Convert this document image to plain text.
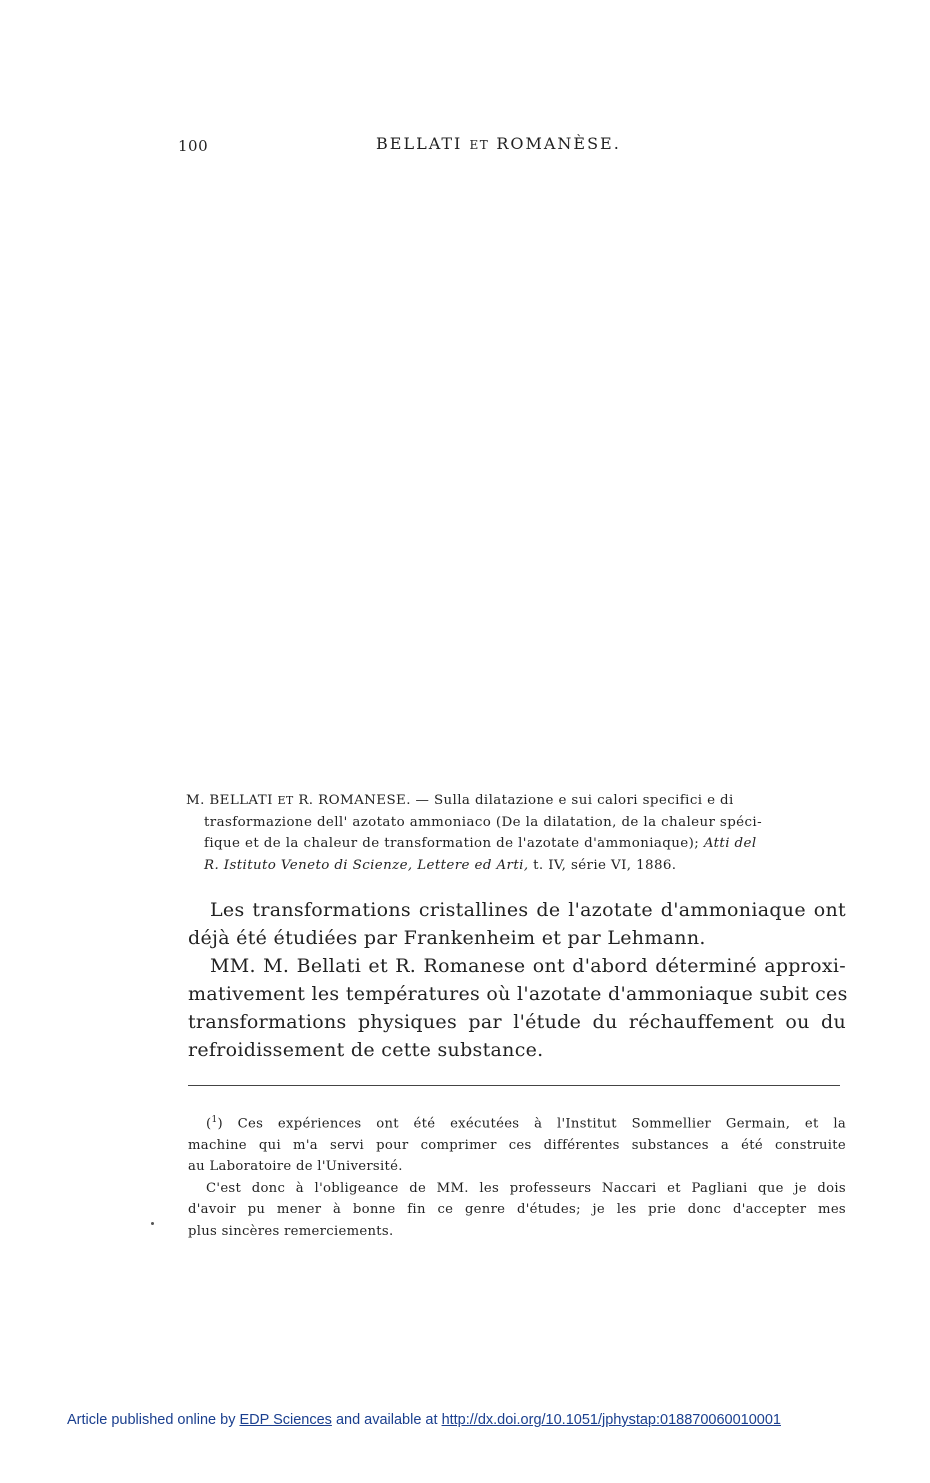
100	BELLATI ET ROMANÈSE.
M. BELLATI ET R. ROMANESE. — Sulla dilatazione e sui calori specifici e di
trasformazione dell' azotato ammoniaco (De la dilatation, de la chaleur spéci-
fique et de la chaleur de transformation de l'azotate d'ammoniaque); Atti del
R. Istituto Veneto di Scienze, Lettere ed Arti, t. IV, série VI, 1886.
Les transformations cristallines de l'azotate d'ammoniaque ont
déjà été étudiées par Frankenheim et par Lehmann.
MM. M. Bellati et R. Romanese ont d'abord déterminé approxi-
mativement les températures où l'azotate d'ammoniaque subit ces
transformations physiques par l'étude du réchauffement ou du
refroidissement de cette substance.
($^1$) Ces expériences ont été exécutées à l'Institut Sommellier Germain, et la
machine qui m'a servi pour comprimer ces différentes substances a été construite
au Laboratoire de l'Université.
C'est donc à l'obligeance de MM. les professeurs Naccari et Pagliani que je dois
d'avoir pu mener à bonne fin ce genre d'études; je les prie donc d'accepter mes
plus sincères remerciements.
Article published online by EDP Sciences and available at http://dx.doi.org/10.1051/jphystap:018870060010001
